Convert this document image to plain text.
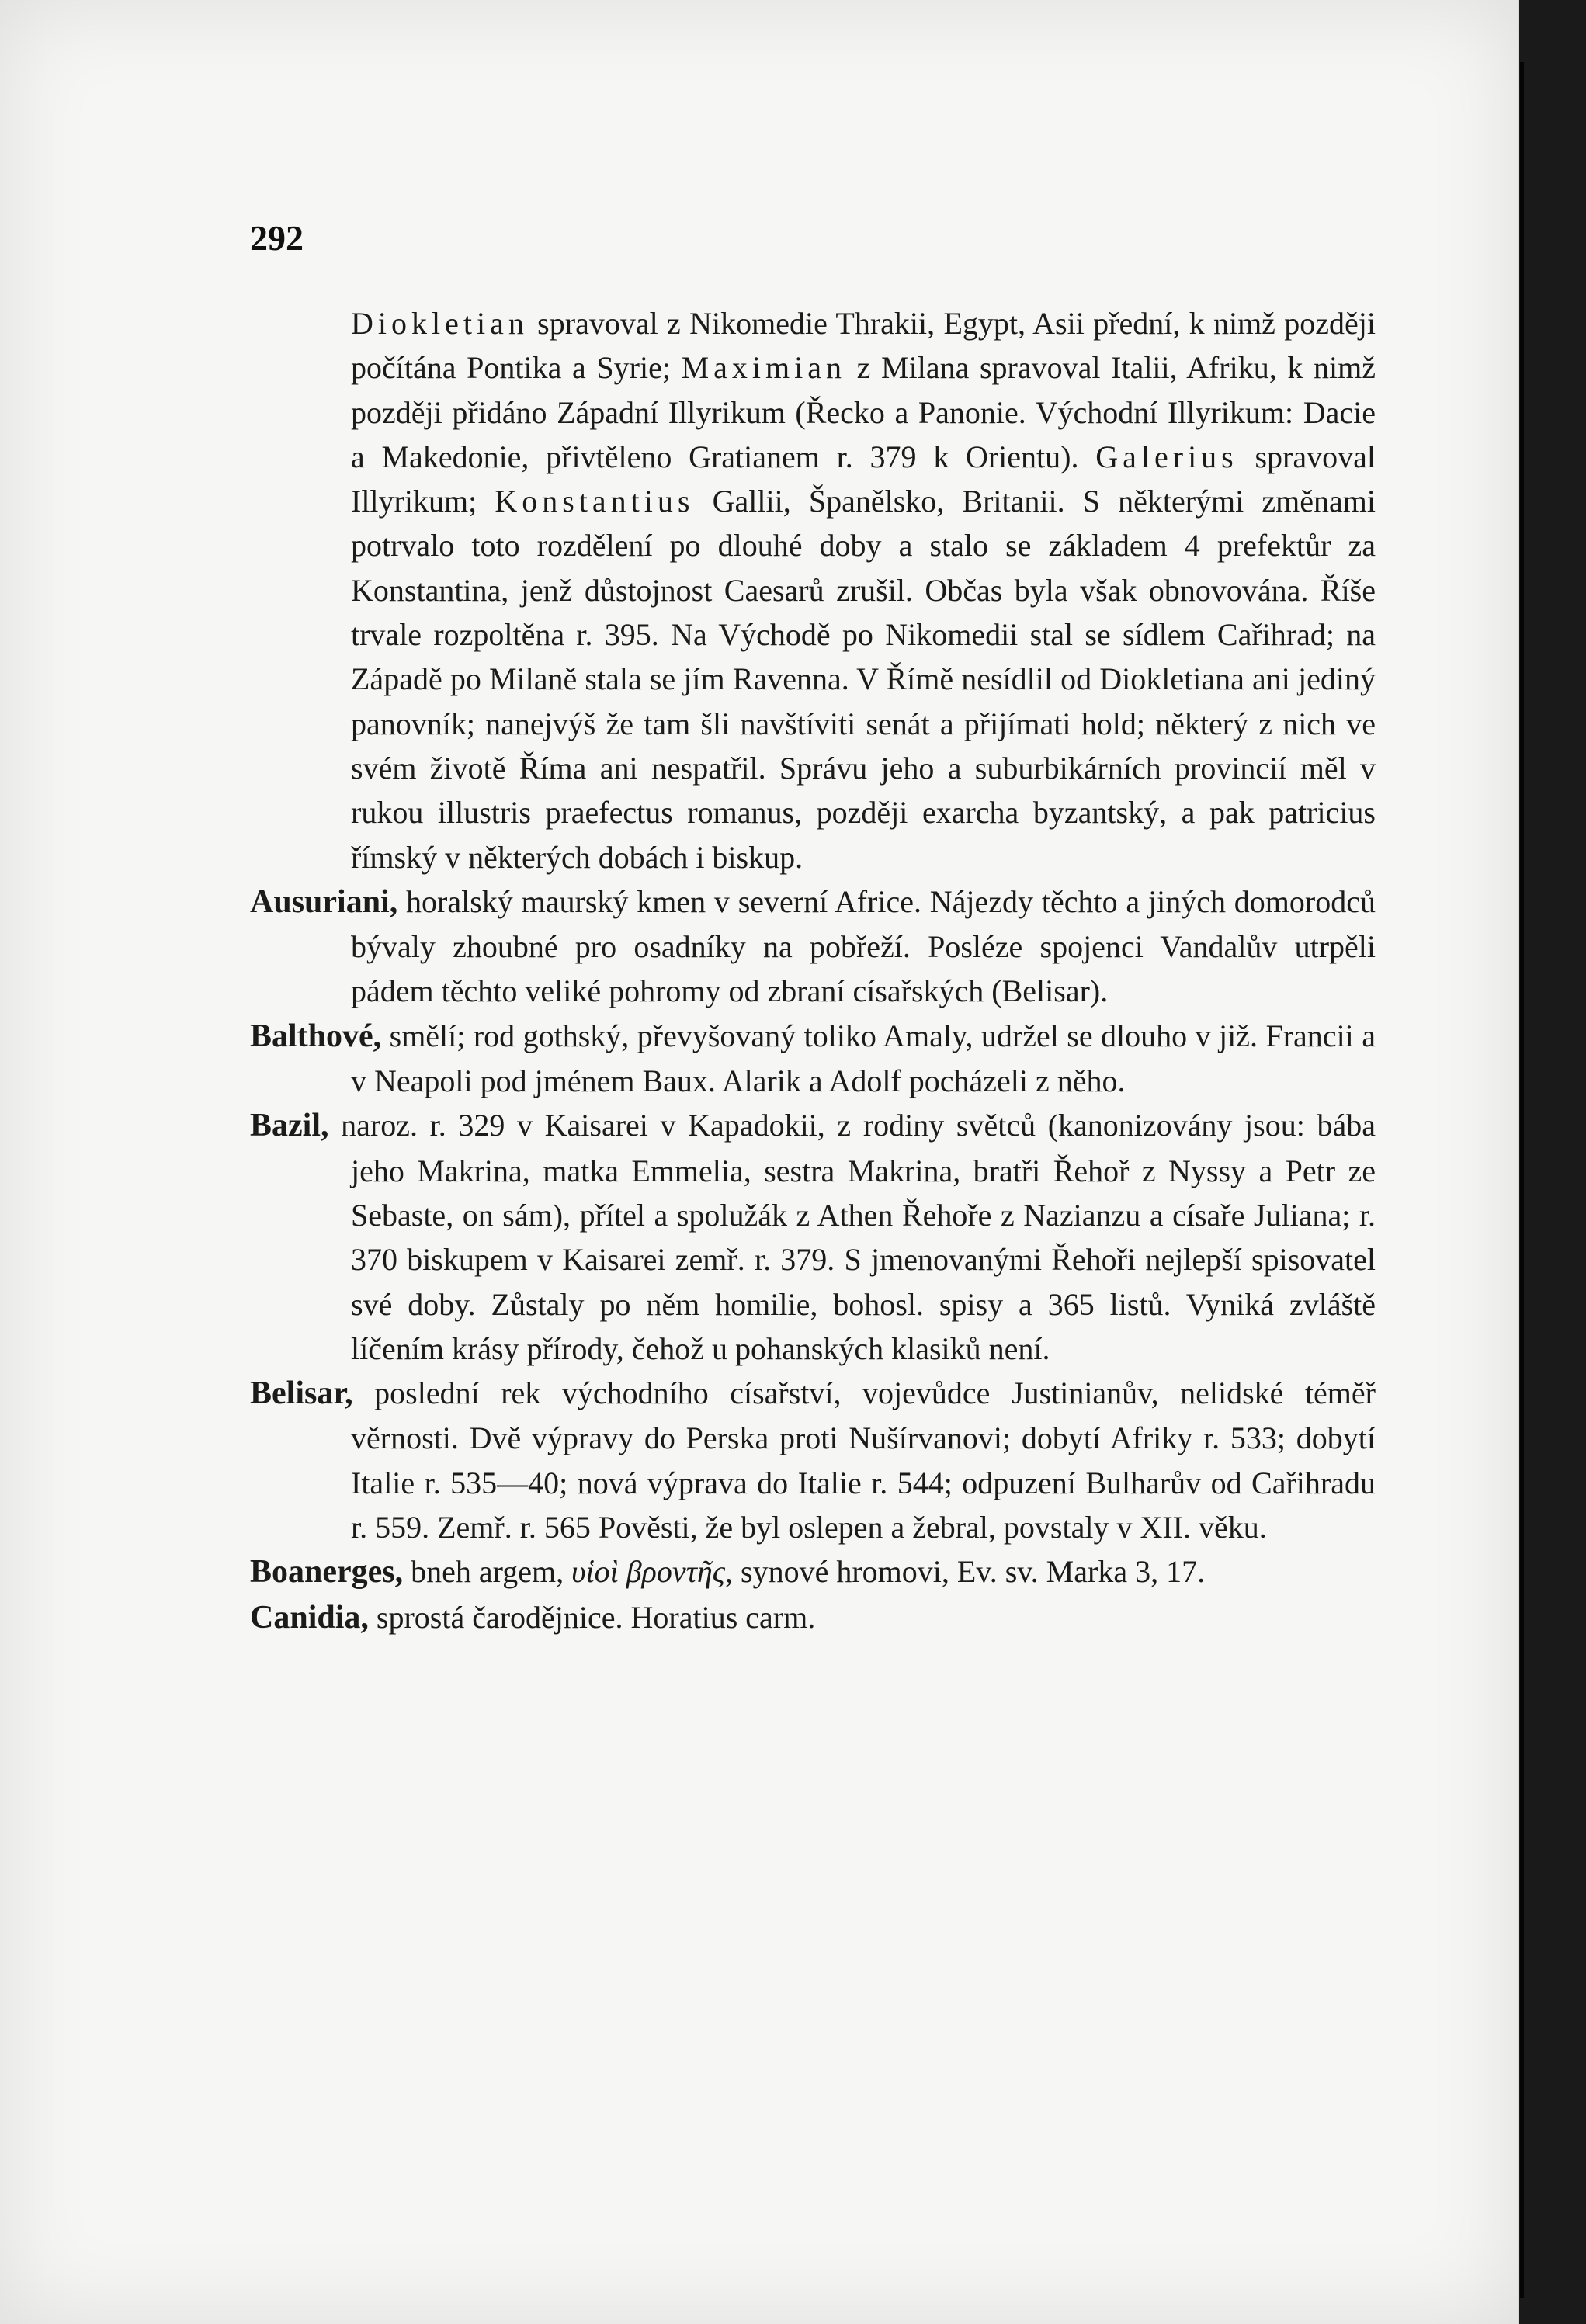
292

Diokletian spravoval z Nikomedie Thrakii, Egypt, Asii přední, k nimž později počítána Pontika a Syrie; Maximian z Milana spravoval Italii, Afriku, k nimž později přidáno Západní Illyrikum (Řecko a Panonie. Východní Illyrikum: Dacie a Makedonie, přivtěleno Gratianem r. 379 k Orientu). Galerius spravoval Illyrikum; Konstantius Gallii, Španělsko, Britanii. S některými změnami potrvalo toto rozdělení po dlouhé doby a stalo se základem 4 prefektůr za Konstantina, jenž důstojnost Caesarů zrušil. Občas byla však obnovována. Říše trvale rozpoltěna r. 395. Na Východě po Nikomedii stal se sídlem Cařihrad; na Západě po Milaně stala se jím Ravenna. V Římě nesídlil od Diokletiana ani jediný panovník; nanejvýš že tam šli navštíviti senát a přijímati hold; některý z nich ve svém životě Říma ani nespatřil. Správu jeho a suburbikárních provincií měl v rukou illustris praefectus romanus, později exarcha byzantský, a pak patricius římský v některých dobách i biskup.

Ausuriani, horalský maurský kmen v severní Africe. Nájezdy těchto a jiných domorodců bývaly zhoubné pro osadníky na pobřeží. Posléze spojenci Vandalův utrpěli pádem těchto veliké pohromy od zbraní císařských (Belisar).

Balthové, smělí; rod gothský, převyšovaný toliko Amaly, udržel se dlouho v již. Francii a v Neapoli pod jménem Baux. Alarik a Adolf pocházeli z něho.

Bazil, naroz. r. 329 v Kaisarei v Kapadokii, z rodiny světců (kanonizovány jsou: bába jeho Makrina, matka Emmelia, sestra Makrina, bratři Řehoř z Nyssy a Petr ze Sebaste, on sám), přítel a spolužák z Athen Řehoře z Nazianzu a císaře Juliana; r. 370 biskupem v Kaisarei zemř. r. 379. S jmenovanými Řehoři nejlepší spisovatel své doby. Zůstaly po něm homilie, bohosl. spisy a 365 listů. Vyniká zvláště líčením krásy přírody, čehož u pohanských klasiků není.

Belisar, poslední rek východního císařství, vojevůdce Justinianův, nelidské téměř věrnosti. Dvě výpravy do Perska proti Nušírvanovi; dobytí Afriky r. 533; dobytí Italie r. 535—40; nová výprava do Italie r. 544; odpuzení Bulharův od Cařihradu r. 559. Zemř. r. 565 Pověsti, že byl oslepen a žebral, povstaly v XII. věku.

Boanerges, bneh argem, υἱοὶ βροντῆς, synové hromovi, Ev. sv. Marka 3, 17.

Canidia, sprostá čarodějnice. Horatius carm.
